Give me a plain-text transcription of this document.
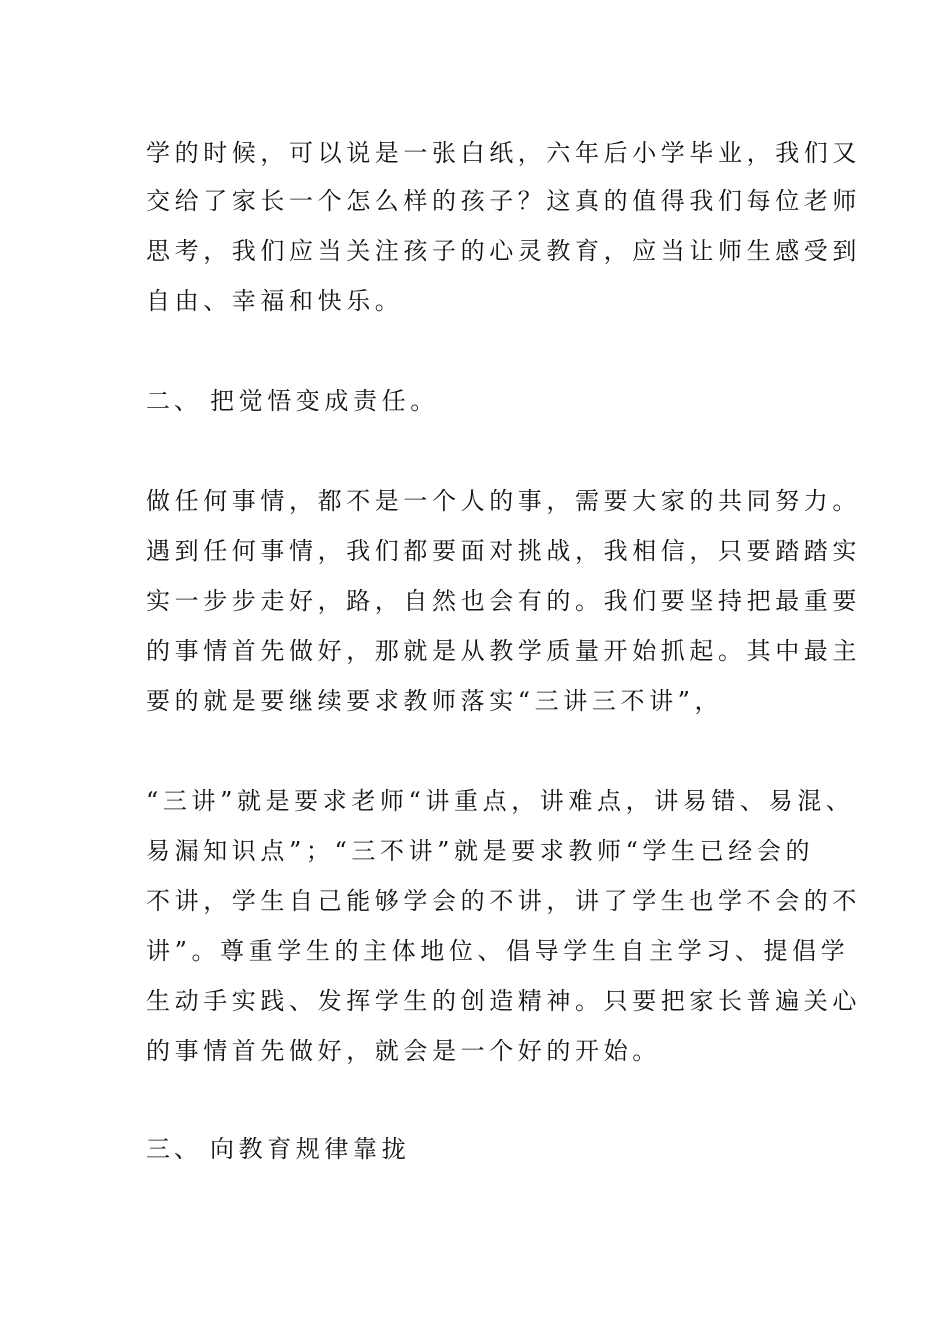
学的时候，可以说是一张白纸，六年后小学毕业，我们又
交给了家长一个怎么样的孩子？这真的值得我们每位老师
思考，我们应当关注孩子的心灵教育，应当让师生感受到
自由、幸福和快乐。
二、 把觉悟变成责任。
做任何事情，都不是一个人的事，需要大家的共同努力。
遇到任何事情，我们都要面对挑战，我相信，只要踏踏实
实一步步走好，路，自然也会有的。我们要坚持把最重要
的事情首先做好，那就是从教学质量开始抓起。其中最主
要的就是要继续要求教师落实“三讲三不讲”，
“三讲”就是要求老师“讲重点，讲难点，讲易错、易混、
易漏知识点”；“三不讲”就是要求教师“学生已经会的
不讲，学生自己能够学会的不讲，讲了学生也学不会的不
讲”。尊重学生的主体地位、倡导学生自主学习、提倡学
生动手实践、发挥学生的创造精神。只要把家长普遍关心
的事情首先做好，就会是一个好的开始。
三、 向教育规律靠拢
